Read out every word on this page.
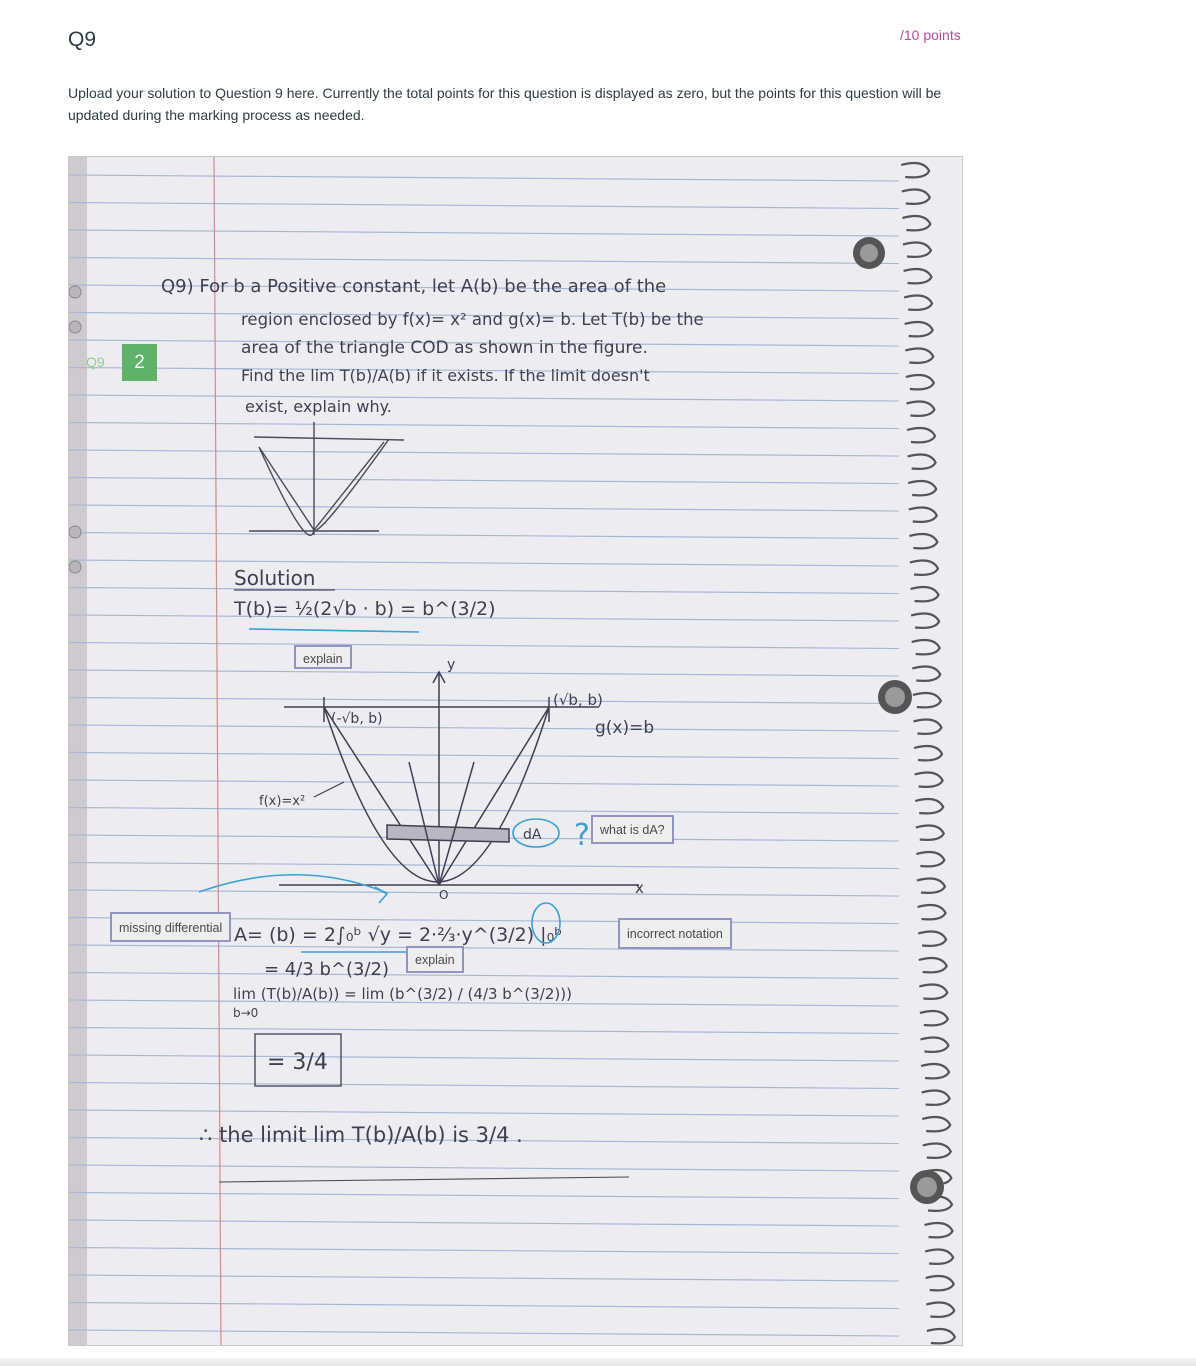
Q9	/10 points
Upload your solution to Question 9 here. Currently the total points for this question is displayed as zero, but the points for this question will be updated during the marking process as needed.
Q9) For b a Positive constant, let A(b) be the area of the
region enclosed by f(x)= x² and g(x)= b. Let T(b) be the
area of the triangle COD as shown in the figure.
Find the lim T(b)/A(b) if it exists. If the limit doesn't
exist, explain why.
Solution
T(b)= ½(2√b · b) = b^(3/2)
y
x
O
(-√b, b)
(√b, b)
g(x)=b
f(x)=x²
dA ?
A= (b) = 2∫₀ᵇ √y = 2·⅔·y^(3/2) |₀ᵇ
= 4/3 b^(3/2)
lim (T(b)/A(b)) = lim (b^(3/2) / (4/3 b^(3/2)))
b→0
= 3/4
∴ the limit lim T(b)/A(b) is 3/4 .
Q9	2
explain
what is dA?
missing differential	incorrect notation
explain
